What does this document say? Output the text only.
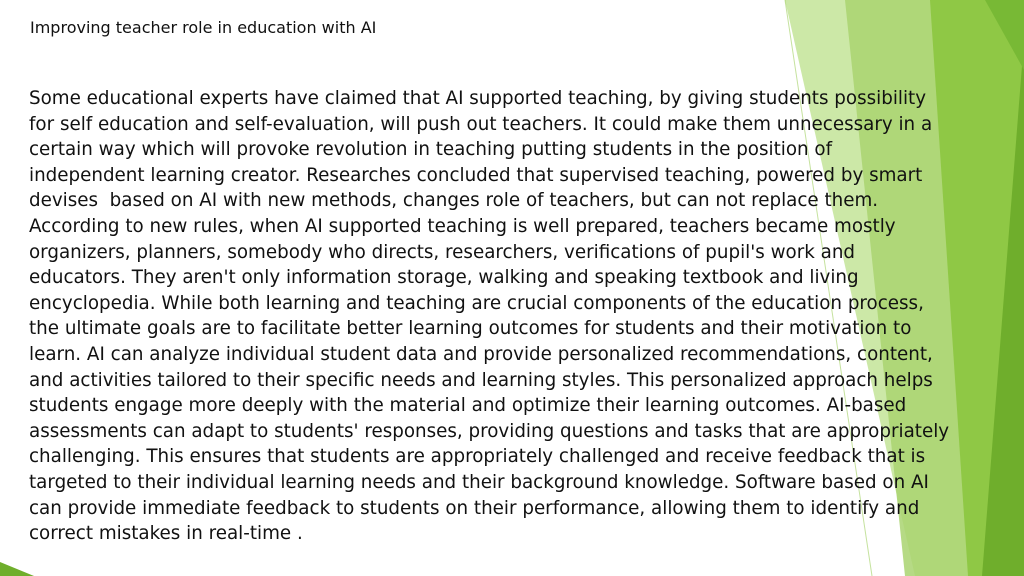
Improving teacher role in education with AI
Some educational experts have claimed that AI supported teaching, by giving students possibility
for self education and self-evaluation, will push out teachers. It could make them unnecessary in a
certain way which will provoke revolution in teaching putting students in the position of
independent learning creator. Researches concluded that supervised teaching, powered by smart
devises  based on AI with new methods, changes role of teachers, but can not replace them.
According to new rules, when AI supported teaching is well prepared, teachers became mostly
organizers, planners, somebody who directs, researchers, verifications of pupil's work and
educators. They aren't only information storage, walking and speaking textbook and living
encyclopedia. While both learning and teaching are crucial components of the education process,
the ultimate goals are to facilitate better learning outcomes for students and their motivation to
learn. AI can analyze individual student data and provide personalized recommendations, content,
and activities tailored to their specific needs and learning styles. This personalized approach helps
students engage more deeply with the material and optimize their learning outcomes. AI-based
assessments can adapt to students' responses, providing questions and tasks that are appropriately
challenging. This ensures that students are appropriately challenged and receive feedback that is
targeted to their individual learning needs and their background knowledge. Software based on AI
can provide immediate feedback to students on their performance, allowing them to identify and
correct mistakes in real-time .
